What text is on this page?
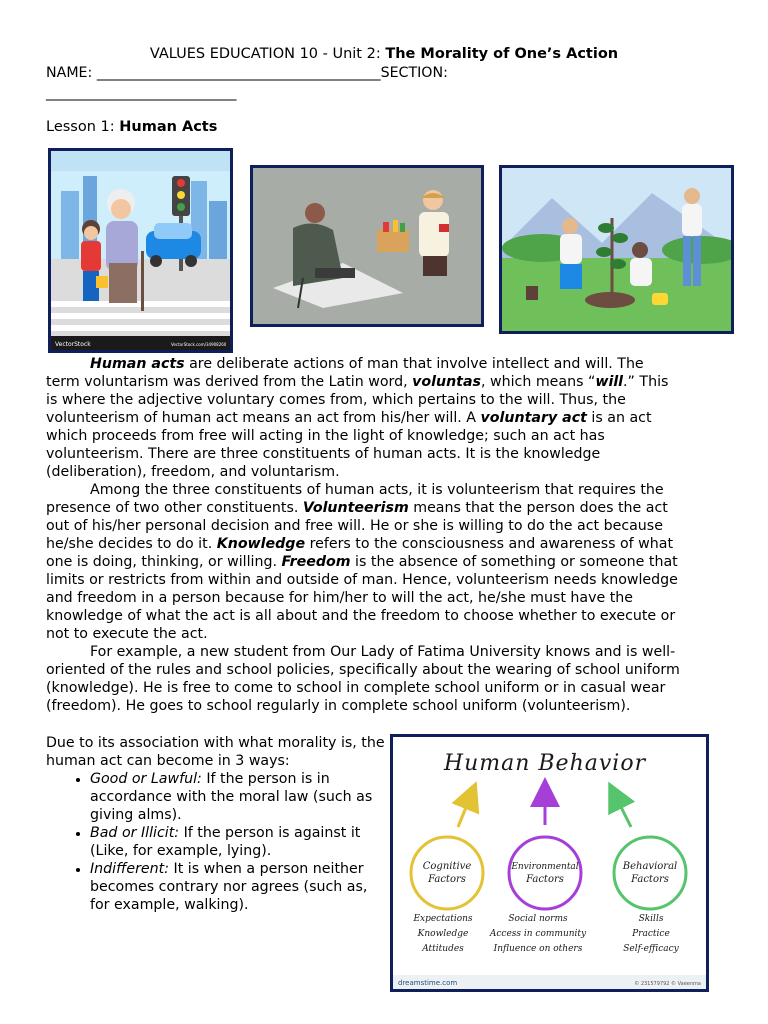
VALUES EDUCATION 10 - Unit 2: The Morality of One’s Action
NAME: ________________________________________SECTION:
____________________________
Lesson 1: Human Acts
VectorStock	VectorStock.com/34908260
Human acts are deliberate actions of man that involve intellect and will. The
term voluntarism was derived from the Latin word, voluntas, which means “will.” This
is where the adjective voluntary comes from, which pertains to the will. Thus, the
volunteerism of human act means an act from his/her will. A voluntary act is an act
which proceeds from free will acting in the light of knowledge; such an act has
volunteerism. There are three constituents of human acts. It is the knowledge
(deliberation), freedom, and voluntarism.
Among the three constituents of human acts, it is volunteerism that requires the
presence of two other constituents. Volunteerism means that the person does the act
out of his/her personal decision and free will. He or she is willing to do the act because
he/she decides to do it. Knowledge refers to the consciousness and awareness of what
one is doing, thinking, or willing. Freedom is the absence of something or someone that
limits or restricts from within and outside of man. Hence, volunteerism needs knowledge
and freedom in a person because for him/her to will the act, he/she must have the
knowledge of what the act is all about and the freedom to choose whether to execute or
not to execute the act.
For example, a new student from Our Lady of Fatima University knows and is well-
oriented of the rules and school policies, specifically about the wearing of school uniform
(knowledge). He is free to come to school in complete school uniform or in casual wear
(freedom). He goes to school regularly in complete school uniform (volunteerism).
Due to its association with what morality is, the human act can become in 3 ways:
• Good or Lawful: If the person is in accordance with the moral law (such as giving alms).
• Bad or Illicit: If the person is against it (Like, for example, lying).
• Indifferent: It is when a person neither becomes contrary nor agrees (such as, for example, walking).
Human Behavior
Cognitive
Factors
Environmental
Factors
Behavioral
Factors
Expectations
Knowledge
Attitudes
Social norms
Access in community
Influence on others
Skills
Practice
Self-efficacy
dreamstime.com	© 231579792 © Vaeenma
